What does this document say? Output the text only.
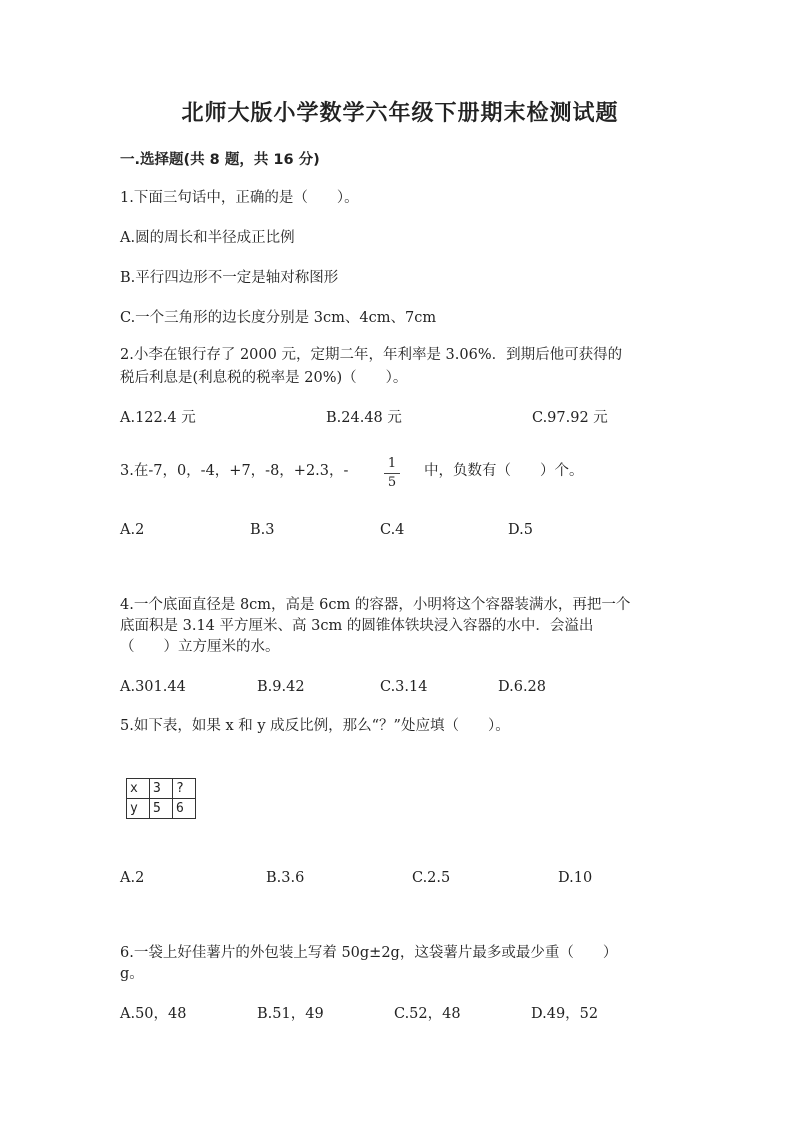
北师大版小学数学六年级下册期末检测试题
一.选择题(共 8 题，共 16 分)
1.下面三句话中，正确的是（　　）。
A.圆的周长和半径成正比例
B.平行四边形不一定是轴对称图形
C.一个三角形的边长度分别是 3cm、4cm、7cm
2.小李在银行存了 2000 元，定期二年，年利率是 3.06%．到期后他可获得的
税后利息是(利息税的税率是 20%)（　　）。
A.122.4 元	B.24.48 元	C.97.92 元
3.在-7，0，-4，+7，-8，+2.3，-	1
5
中，负数有（　　）个。
A.2	B.3	C.4	D.5
4.一个底面直径是 8cm，高是 6cm 的容器，小明将这个容器装满水，再把一个
底面积是 3.14 平方厘米、高 3cm 的圆锥体铁块浸入容器的水中．会溢出
（　　）立方厘米的水。
A.301.44	B.9.42	C.3.14	D.6.28
5.如下表，如果 x 和 y 成反比例，那么“？”处应填（　　）。
x	3	?
y	5	6
A.2	B.3.6	C.2.5	D.10
6.一袋上好佳薯片的外包装上写着 50g±2g，这袋薯片最多或最少重（　　）
g。
A.50，48	B.51，49	C.52，48	D.49，52
